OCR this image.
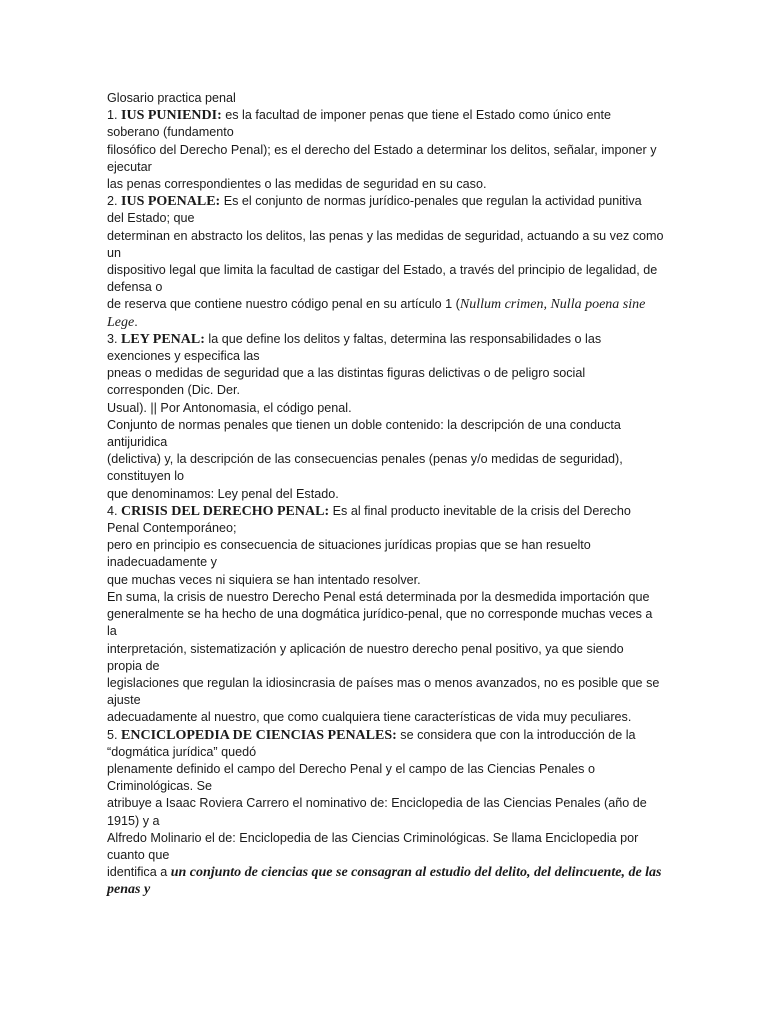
Glosario practica penal
1. IUS PUNIENDI: es la facultad de imponer penas que tiene el Estado como único ente
soberano (fundamento
filosófico del Derecho Penal); es el derecho del Estado a determinar los delitos, señalar, imponer y
ejecutar
las penas correspondientes o las medidas de seguridad en su caso.
2. IUS POENALE: Es el conjunto de normas jurídico-penales que regulan la actividad punitiva
del Estado; que
determinan en abstracto los delitos, las penas y las medidas de seguridad, actuando a su vez como
un
dispositivo legal que limita la facultad de castigar del Estado, a través del principio de legalidad, de
defensa o
de reserva que contiene nuestro código penal en su artículo 1 (Nullum crimen, Nulla poena sine
Lege.
3. LEY PENAL: la que define los delitos y faltas, determina las responsabilidades o las
exenciones y especifica las
pneas o medidas de seguridad que a las distintas figuras delictivas o de peligro social
corresponden (Dic. Der.
Usual). || Por Antonomasia, el código penal.
Conjunto de normas penales que tienen un doble contenido: la descripción de una conducta
antijuridica
(delictiva) y, la descripción de las consecuencias penales (penas y/o medidas de seguridad),
constituyen lo
que denominamos: Ley penal del Estado.
4. CRISIS DEL DERECHO PENAL: Es al final producto inevitable de la crisis del Derecho
Penal Contemporáneo;
pero en principio es consecuencia de situaciones jurídicas propias que se han resuelto
inadecuadamente y
que muchas veces ni siquiera se han intentado resolver.
En suma, la crisis de nuestro Derecho Penal está determinada por la desmedida importación que
generalmente se ha hecho de una dogmática jurídico-penal, que no corresponde muchas veces a
la
interpretación, sistematización y aplicación de nuestro derecho penal positivo, ya que siendo
propia de
legislaciones que regulan la idiosincrasia de países mas o menos avanzados, no es posible que se
ajuste
adecuadamente al nuestro, que como cualquiera tiene características de vida muy peculiares.
5. ENCICLOPEDIA DE CIENCIAS PENALES: se considera que con la introducción de la
“dogmática jurídica” quedó
plenamente definido el campo del Derecho Penal y el campo de las Ciencias Penales o
Criminológicas. Se
atribuye a Isaac Roviera Carrero el nominativo de: Enciclopedia de las Ciencias Penales (año de
1915) y a
Alfredo Molinario el de: Enciclopedia de las Ciencias Criminológicas. Se llama Enciclopedia por
cuanto que
identifica a un conjunto de ciencias que se consagran al estudio del delito, del delincuente, de las
penas y
